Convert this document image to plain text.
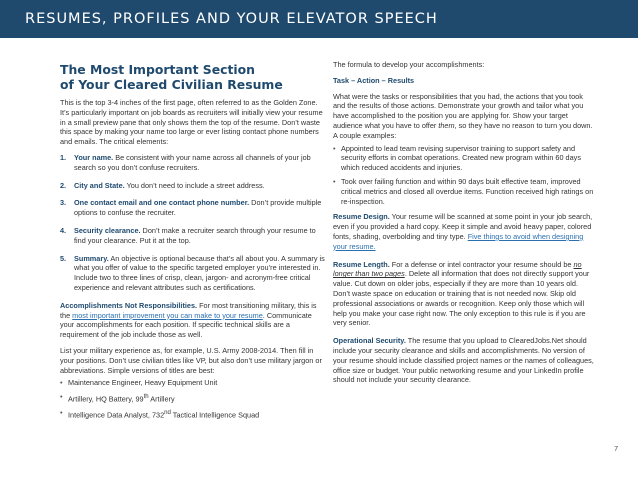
RESUMES, PROFILES AND YOUR ELEVATOR SPEECH
The Most Important Section
of Your Cleared Civilian Resume

This is the top 3-4 inches of the first page, often referred to as the Golden Zone. It’s particularly important on job boards as recruiters will initially view your resume in a small preview pane that only shows them the top of the resume. Don’t waste this space by making your name too large or ever listing contact phone numbers and emails. The critical elements:

1. Your name. Be consistent with your name across all channels of your job search so you don’t confuse recruiters.
2. City and State. You don’t need to include a street address.
3. One contact email and one contact phone number. Don’t provide multiple options to confuse the recruiter.
4. Security clearance. Don’t make a recruiter search through your resume to find your clearance. Put it at the top.
5. Summary. An objective is optional because that’s all about you. A summary is what you offer of value to the specific targeted employer you’re interested in. Include two to three lines of crisp, clean, jargon- and acronym-free critical experience and relevant attributes such as certifications.

Accomplishments Not Responsibilities. For most transitioning military, this is the most important improvement you can make to your resume. Communicate your accomplishments for each position. If specific technical skills are a requirement of the job include those as well.

List your military experience as, for example, U.S. Army 2008-2014. Then fill in your positions. Don’t use civilian titles like VP, but also don’t use military jargon or abbreviations. Simple versions of titles are best:

• Maintenance Engineer, Heavy Equipment Unit
• Artillery, HQ Battery, 99th Artillery
• Intelligence Data Analyst, 732nd Tactical Intelligence Squad

The formula to develop your accomplishments:

Task – Action – Results

What were the tasks or responsibilities that you had, the actions that you took and the results of those actions. Demonstrate your growth and tailor what you have accomplished to the position you are applying for. Show your target audience what you have to offer them, so they have no reason to turn you down. A couple examples:

• Appointed to lead team revising supervisor training to support safety and security efforts in combat operations. Created new program within 60 days which reduced accidents and injuries.
• Took over failing function and within 90 days built effective team, improved critical metrics and closed all overdue items. Function received high ratings on re-inspection.

Resume Design. Your resume will be scanned at some point in your job search, even if you provided a hard copy. Keep it simple and avoid heavy paper, colored fonts, shading, overbolding and tiny type. Five things to avoid when designing your resume.

Resume Length. For a defense or intel contractor your resume should be no longer than two pages. Delete all information that does not directly support your value. Cut down on older jobs, especially if they are more than 10 years old. Don’t waste space on education or training that is not needed now. Skip old professional associations or awards or recognition. Keep only those which will help you make your case right now. The only exception to this rule is if you are very senior.

Operational Security. The resume that you upload to ClearedJobs.Net should include your security clearance and skills and accomplishments. No version of your resume should include classified project names or the names of colleagues, office size or budget. Your public networking resume and your LinkedIn profile should not include your security clearance.

7
